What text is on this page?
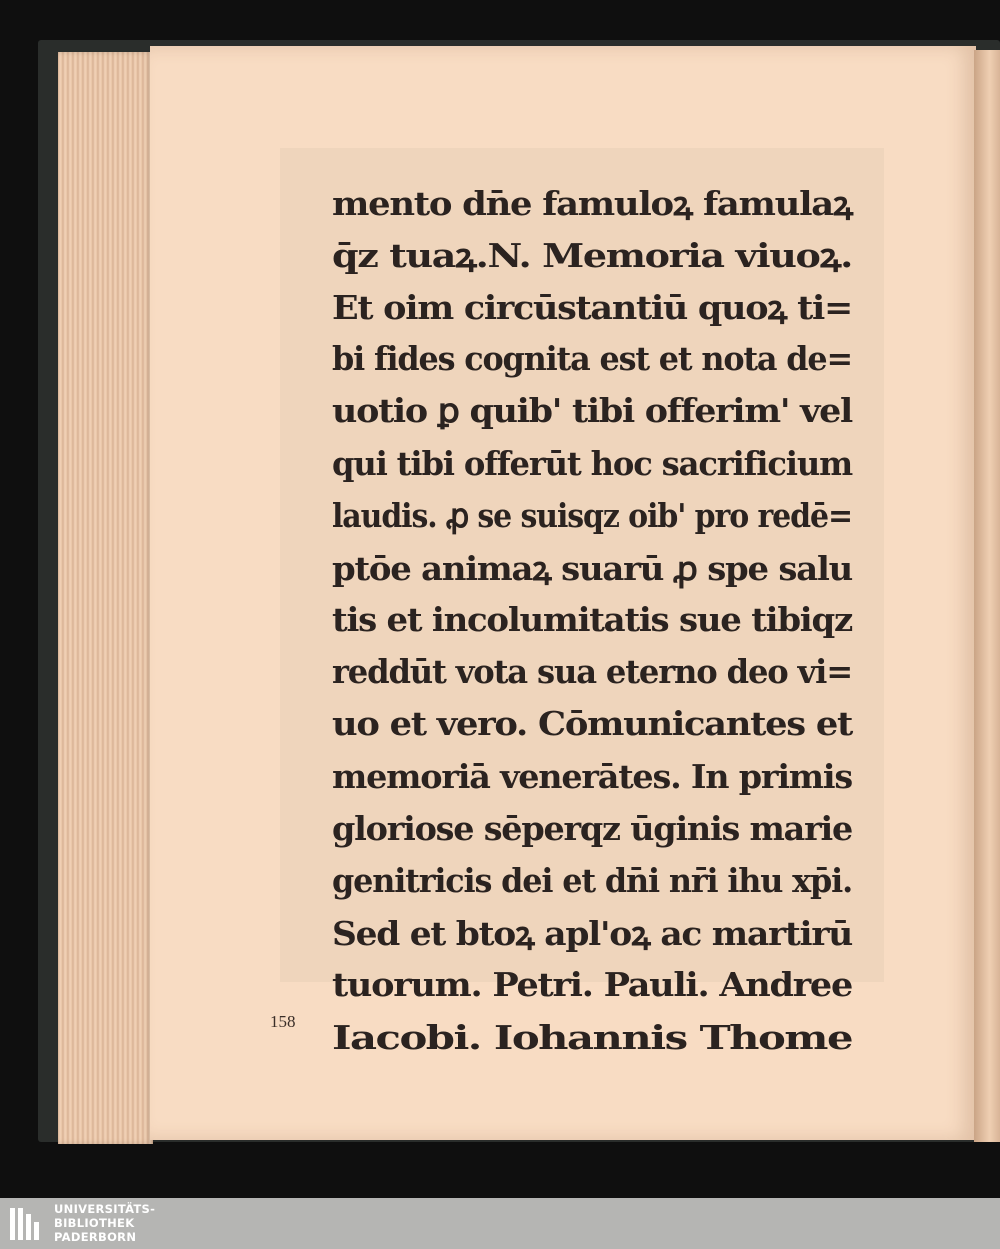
mento dn̄e famuloꝝ famulaꝝ
q̄z tuaꝝ.N. Memoria viuoꝝ.
Et oim circūstantiū quoꝝ ti=
bi fides cognita est et nota de=
uotio ꝑ quib' tibi offerim' vel
qui tibi offerūt hoc sacrificium
laudis. ꝓ se suisqz oib' pro redē=
ptōe animaꝝ suarū ꝓ spe salu
tis et incolumitatis sue tibiqz
reddūt vota sua eterno deo vi=
uo et vero. Cōmunicantes et
memoriā venerātes. In primis
gloriose sēperqz ūginis marie
genitricis dei et dn̄i nr̄i ihu xp̄i.
Sed et btoꝝ apl'oꝝ ac martirū
tuorum. Petri. Pauli. Andree
Iacobi. Iohannis Thome
158
UNIVERSITÄTS-
BIBLIOTHEK
PADERBORN
